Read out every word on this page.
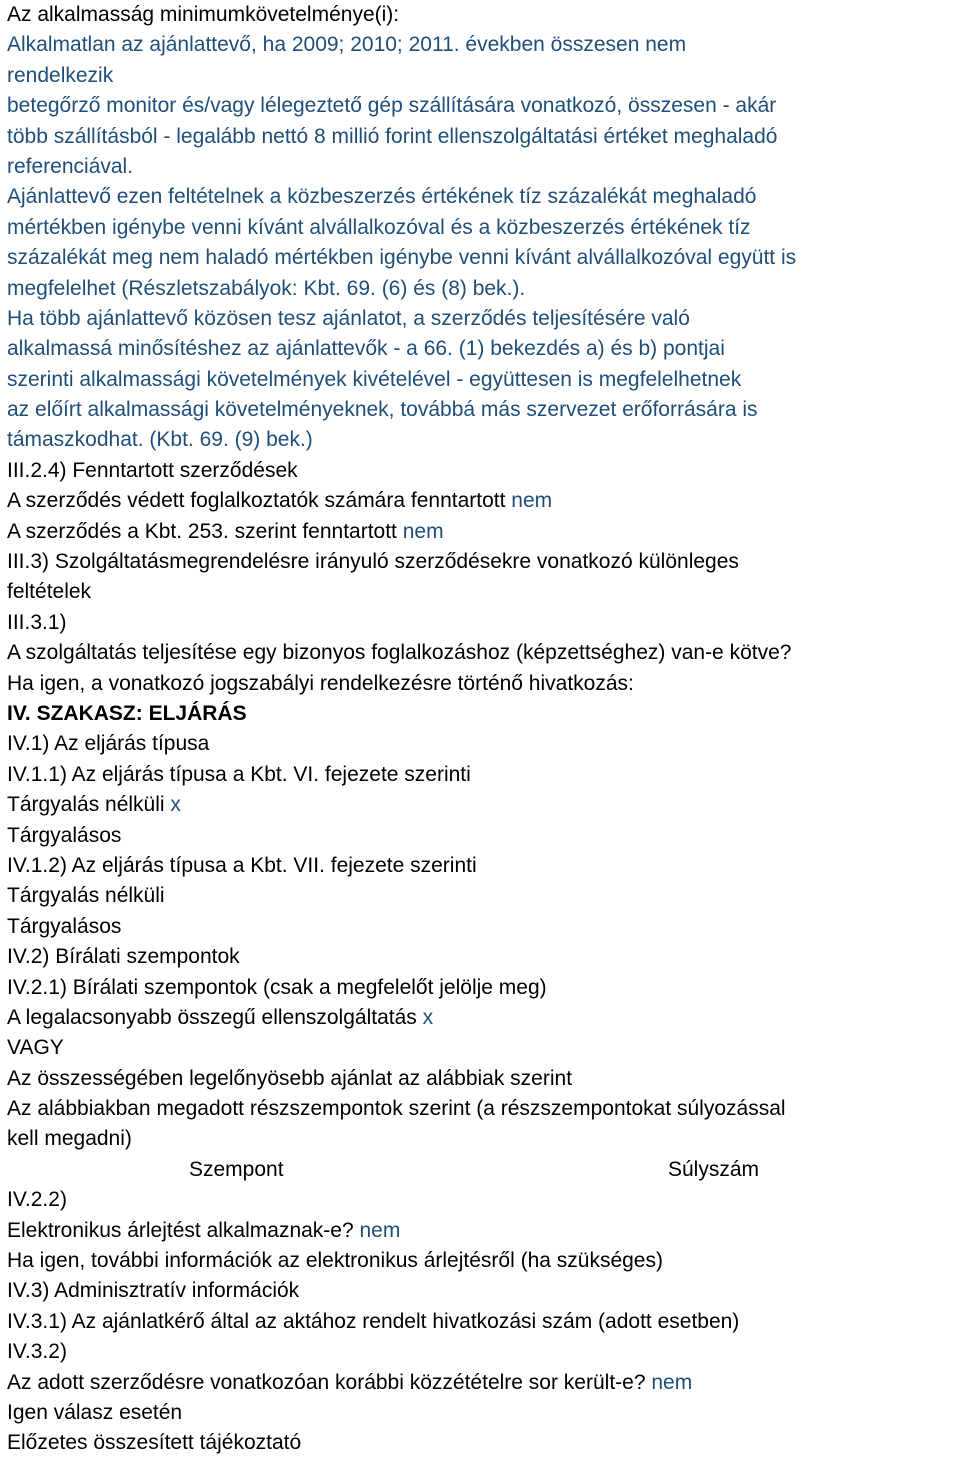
Az alkalmasság minimumkövetelménye(i):
Alkalmatlan az ajánlattevő, ha 2009; 2010; 2011. években összesen nem
rendelkezik
betegőrző monitor és/vagy lélegeztető gép szállítására vonatkozó, összesen - akár
több szállításból - legalább nettó 8 millió forint ellenszolgáltatási értéket meghaladó
referenciával.
Ajánlattevő ezen feltételnek a közbeszerzés értékének tíz százalékát meghaladó
mértékben igénybe venni kívánt alvállalkozóval és a közbeszerzés értékének tíz
százalékát meg nem haladó mértékben igénybe venni kívánt alvállalkozóval együtt is
megfelelhet (Részletszabályok: Kbt. 69. (6) és (8) bek.).
Ha több ajánlattevő közösen tesz ajánlatot, a szerződés teljesítésére való
alkalmassá minősítéshez az ajánlattevők - a 66. (1) bekezdés a) és b) pontjai
szerinti alkalmassági követelmények kivételével - együttesen is megfelelhetnek
az előírt alkalmassági követelményeknek, továbbá más szervezet erőforrására is
támaszkodhat. (Kbt. 69. (9) bek.)
III.2.4) Fenntartott szerződések
A szerződés védett foglalkoztatók számára fenntartott nem
A szerződés a Kbt. 253. szerint fenntartott nem
III.3) Szolgáltatásmegrendelésre irányuló szerződésekre vonatkozó különleges
feltételek
III.3.1)
A szolgáltatás teljesítése egy bizonyos foglalkozáshoz (képzettséghez) van-e kötve?
Ha igen, a vonatkozó jogszabályi rendelkezésre történő hivatkozás:
IV. SZAKASZ: ELJÁRÁS
IV.1) Az eljárás típusa
IV.1.1) Az eljárás típusa a Kbt. VI. fejezete szerinti
Tárgyalás nélküli x
Tárgyalásos
IV.1.2) Az eljárás típusa a Kbt. VII. fejezete szerinti
Tárgyalás nélküli
Tárgyalásos
IV.2) Bírálati szempontok
IV.2.1) Bírálati szempontok (csak a megfelelőt jelölje meg)
A legalacsonyabb összegű ellenszolgáltatás x
VAGY
Az összességében legelőnyösebb ajánlat az alábbiak szerint
Az alábbiakban megadott részszempontok szerint (a részszempontokat súlyozással
kell megadni)
Szempont	Súlyszám
IV.2.2)
Elektronikus árlejtést alkalmaznak-e? nem
Ha igen, további információk az elektronikus árlejtésről (ha szükséges)
IV.3) Adminisztratív információk
IV.3.1) Az ajánlatkérő által az aktához rendelt hivatkozási szám (adott esetben)
IV.3.2)
Az adott szerződésre vonatkozóan korábbi közzétételre sor került-e? nem
Igen válasz esetén
Előzetes összesített tájékoztató
